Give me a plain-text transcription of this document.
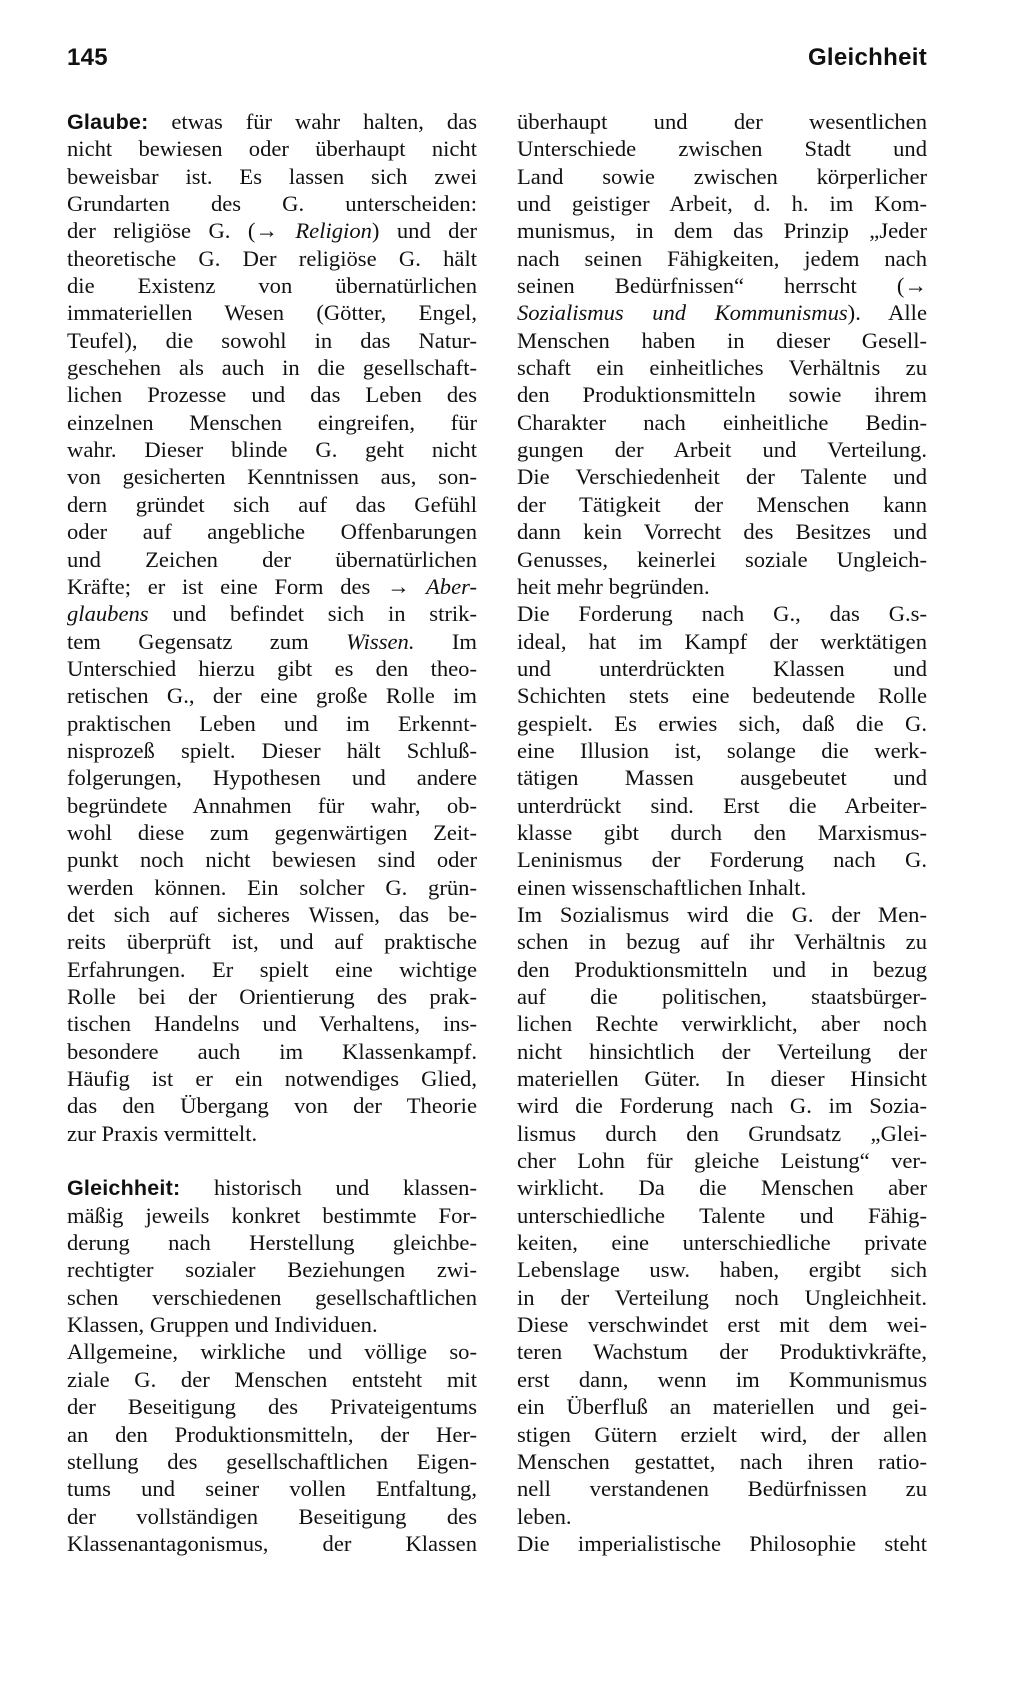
145	Gleichheit
Glaube: etwas für wahr halten, das
nicht bewiesen oder überhaupt nicht
beweisbar ist. Es lassen sich zwei
Grundarten des G. unterscheiden:
der religiöse G. (→ Religion) und der
theoretische G. Der religiöse G. hält
die Existenz von übernatürlichen
immateriellen Wesen (Götter, Engel,
Teufel), die sowohl in das Natur-
geschehen als auch in die gesellschaft-
lichen Prozesse und das Leben des
einzelnen Menschen eingreifen, für
wahr. Dieser blinde G. geht nicht
von gesicherten Kenntnissen aus, son-
dern gründet sich auf das Gefühl
oder auf angebliche Offenbarungen
und Zeichen der übernatürlichen
Kräfte; er ist eine Form des → Aber-
glaubens und befindet sich in strik-
tem Gegensatz zum Wissen. Im
Unterschied hierzu gibt es den theo-
retischen G., der eine große Rolle im
praktischen Leben und im Erkennt-
nisprozeß spielt. Dieser hält Schluß-
folgerungen, Hypothesen und andere
begründete Annahmen für wahr, ob-
wohl diese zum gegenwärtigen Zeit-
punkt noch nicht bewiesen sind oder
werden können. Ein solcher G. grün-
det sich auf sicheres Wissen, das be-
reits überprüft ist, und auf praktische
Erfahrungen. Er spielt eine wichtige
Rolle bei der Orientierung des prak-
tischen Handelns und Verhaltens, ins-
besondere auch im Klassenkampf.
Häufig ist er ein notwendiges Glied,
das den Übergang von der Theorie
zur Praxis vermittelt.
Gleichheit: historisch und klassen-
mäßig jeweils konkret bestimmte For-
derung nach Herstellung gleichbe-
rechtigter sozialer Beziehungen zwi-
schen verschiedenen gesellschaftlichen
Klassen, Gruppen und Individuen.
Allgemeine, wirkliche und völlige so-
ziale G. der Menschen entsteht mit
der Beseitigung des Privateigentums
an den Produktionsmitteln, der Her-
stellung des gesellschaftlichen Eigen-
tums und seiner vollen Entfaltung,
der vollständigen Beseitigung des
Klassenantagonismus, der Klassen
überhaupt und der wesentlichen
Unterschiede zwischen Stadt und
Land sowie zwischen körperlicher
und geistiger Arbeit, d. h. im Kom-
munismus, in dem das Prinzip „Jeder
nach seinen Fähigkeiten, jedem nach
seinen Bedürfnissen“ herrscht (→
Sozialismus und Kommunismus). Alle
Menschen haben in dieser Gesell-
schaft ein einheitliches Verhältnis zu
den Produktionsmitteln sowie ihrem
Charakter nach einheitliche Bedin-
gungen der Arbeit und Verteilung.
Die Verschiedenheit der Talente und
der Tätigkeit der Menschen kann
dann kein Vorrecht des Besitzes und
Genusses, keinerlei soziale Ungleich-
heit mehr begründen.
Die Forderung nach G., das G.s-
ideal, hat im Kampf der werktätigen
und unterdrückten Klassen und
Schichten stets eine bedeutende Rolle
gespielt. Es erwies sich, daß die G.
eine Illusion ist, solange die werk-
tätigen Massen ausgebeutet und
unterdrückt sind. Erst die Arbeiter-
klasse gibt durch den Marxismus-
Leninismus der Forderung nach G.
einen wissenschaftlichen Inhalt.
Im Sozialismus wird die G. der Men-
schen in bezug auf ihr Verhältnis zu
den Produktionsmitteln und in bezug
auf die politischen, staatsbürger-
lichen Rechte verwirklicht, aber noch
nicht hinsichtlich der Verteilung der
materiellen Güter. In dieser Hinsicht
wird die Forderung nach G. im Sozia-
lismus durch den Grundsatz „Glei-
cher Lohn für gleiche Leistung“ ver-
wirklicht. Da die Menschen aber
unterschiedliche Talente und Fähig-
keiten, eine unterschiedliche private
Lebenslage usw. haben, ergibt sich
in der Verteilung noch Ungleichheit.
Diese verschwindet erst mit dem wei-
teren Wachstum der Produktivkräfte,
erst dann, wenn im Kommunismus
ein Überfluß an materiellen und gei-
stigen Gütern erzielt wird, der allen
Menschen gestattet, nach ihren ratio-
nell verstandenen Bedürfnissen zu
leben.
Die imperialistische Philosophie steht
